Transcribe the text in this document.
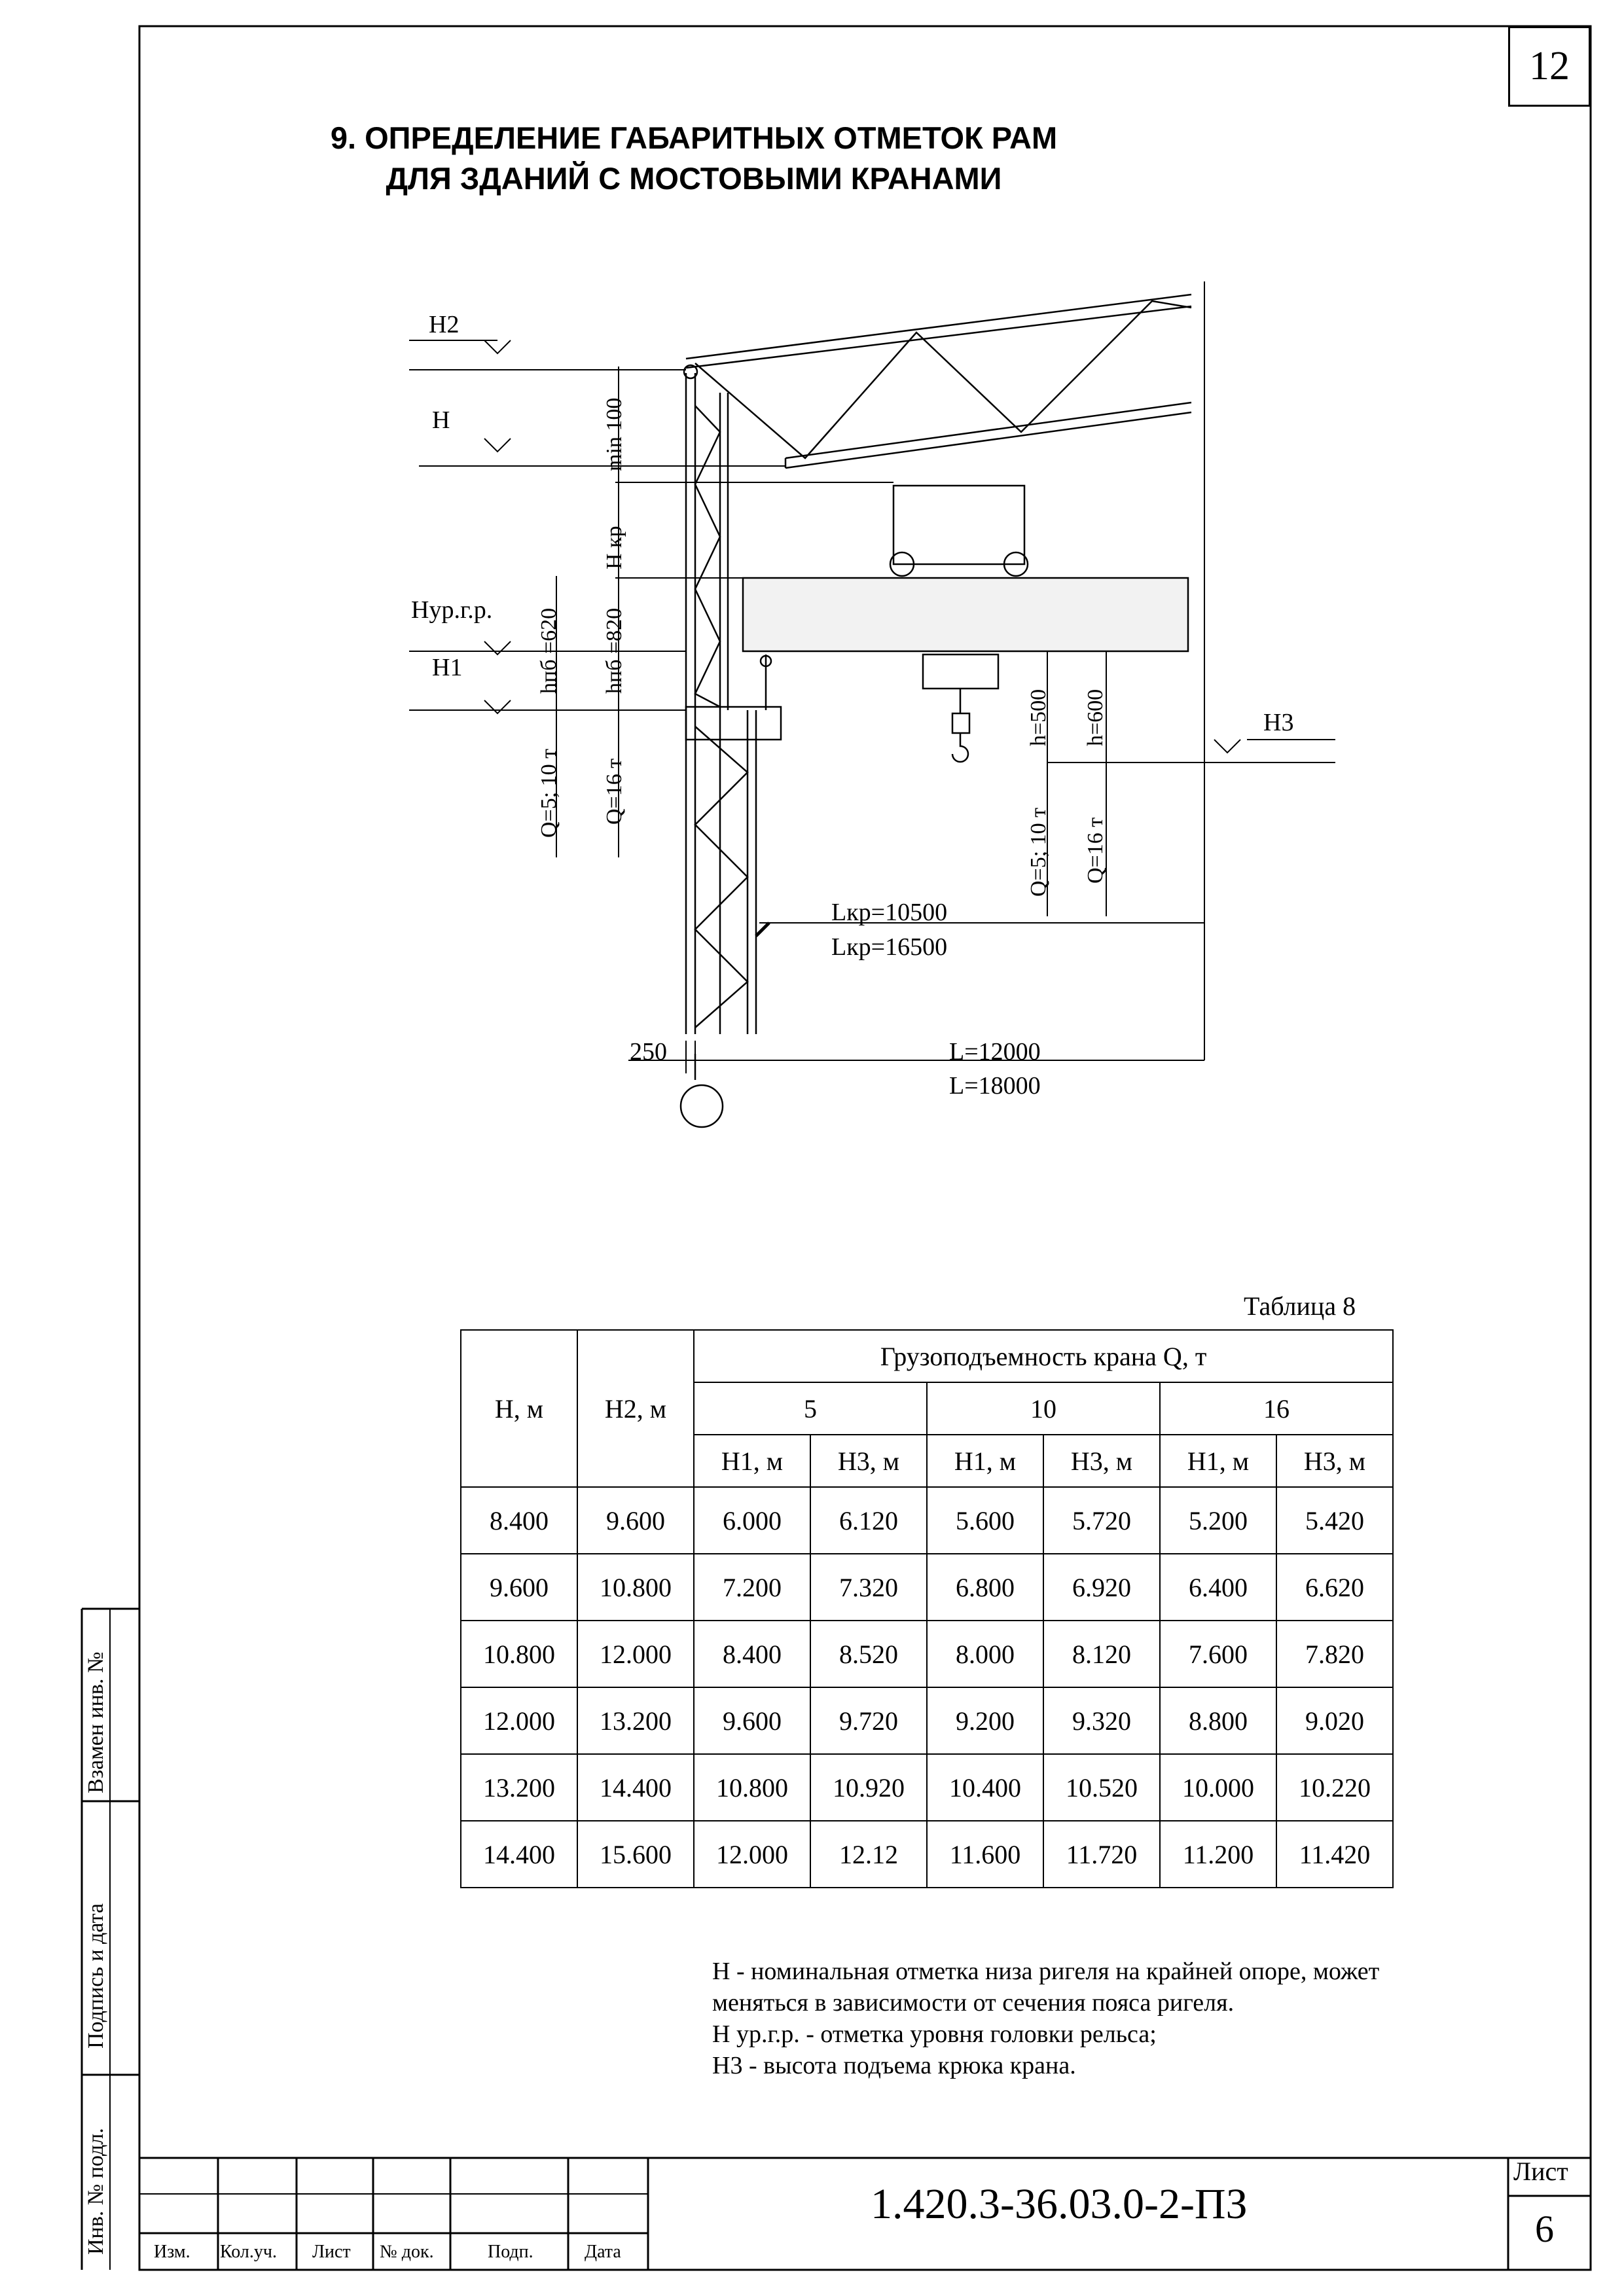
12
9. ОПРЕДЕЛЕНИЕ ГАБАРИТНЫХ ОТМЕТОК РАМ
ДЛЯ ЗДАНИЙ С МОСТОВЫМИ КРАНАМИ
H2
H
Hур.г.р.
H1
H3
min 100
H кр
hпб =620 hпб =820
Q=5; 10 т Q=16 т
h=500 h=600
Q=5; 10 т Q=16 т
Lкр=10500
Lкр=16500
250	L=12000
L=18000
Таблица 8
H, м	H2, м	Грузоподъемность крана Q, т					
		5		10		16	
		H1, м	H3, м	H1, м	H3, м	H1, м	H3, м
8.400	9.600	6.000	6.120	5.600	5.720	5.200	5.420
9.600	10.800	7.200	7.320	6.800	6.920	6.400	6.620
10.800	12.000	8.400	8.520	8.000	8.120	7.600	7.820
12.000	13.200	9.600	9.720	9.200	9.320	8.800	9.020
13.200	14.400	10.800	10.920	10.400	10.520	10.000	10.220
14.400	15.600	12.000	12.12	11.600	11.720	11.200	11.420
H - номинальная отметка низа ригеля на крайней опоре, может
меняться в зависимости от сечения пояса ригеля.
H ур.г.р. - отметка уровня головки рельса;
H3 - высота подъема крюка крана.
Взамен инв. №
Подпись и дата
Инв. № подл.	Изм. Кол.уч. Лист № док.	Подп.	Дата
1.420.3-36.03.0-2-ПЗ
Лист
6
